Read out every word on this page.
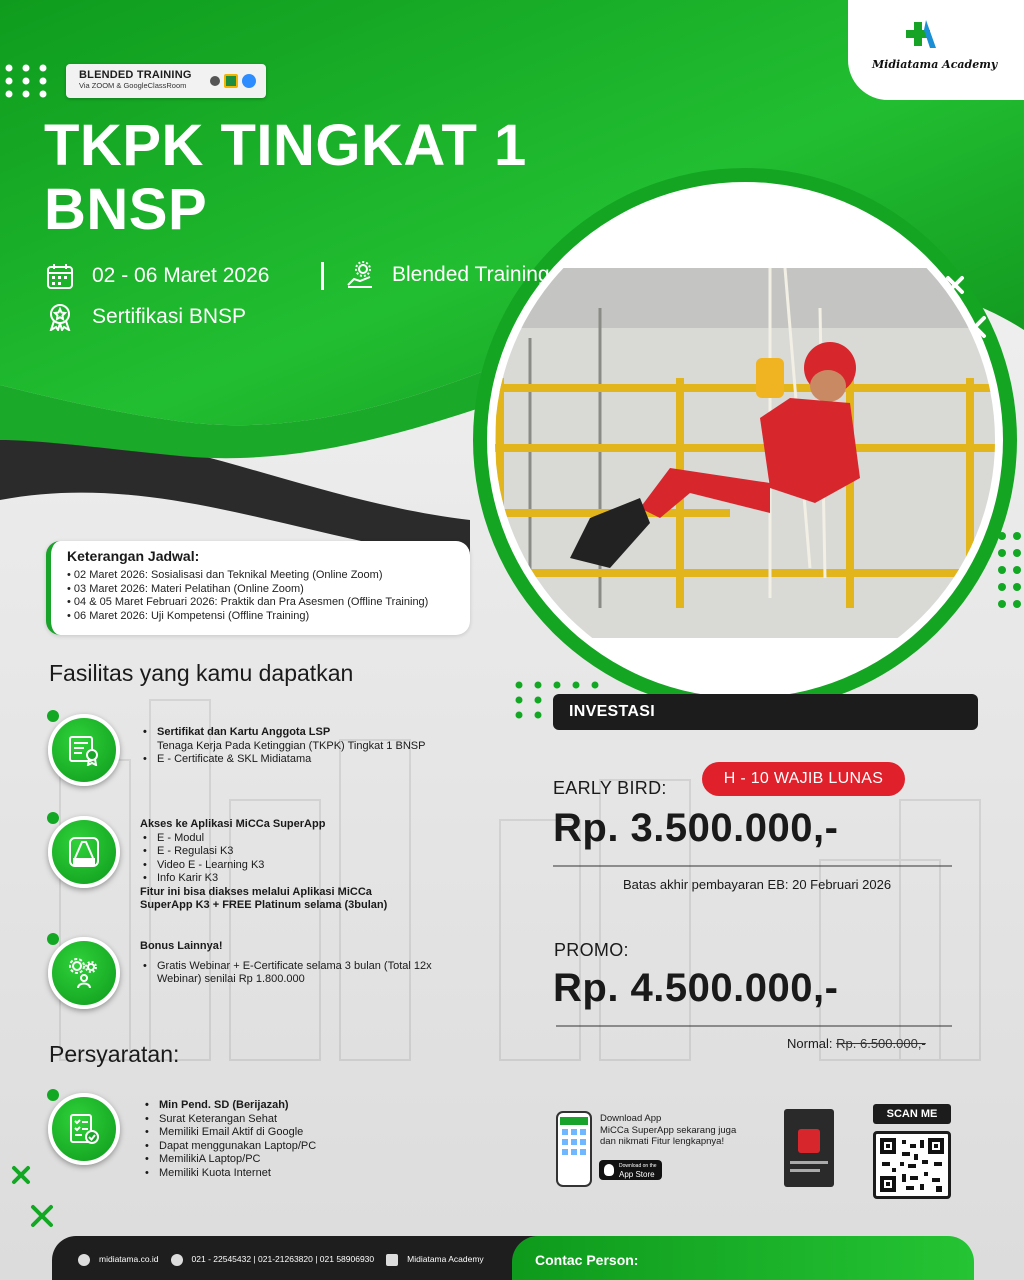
BLENDED TRAINING
Via ZOOM & GoogleClassRoom
Midiatama Academy
TKPK TINGKAT 1
BNSP
02 - 06 Maret 2026	Blended Training
Sertifikasi BNSP
Keterangan Jadwal:
• 02 Maret 2026: Sosialisasi dan Teknikal Meeting (Online Zoom)
• 03 Maret 2026: Materi Pelatihan (Online Zoom)
• 04 & 05 Maret Februari 2026: Praktik dan Pra Asesmen (Offline Training)
• 06 Maret 2026: Uji Kompetensi (Offline Training)
Fasilitas yang kamu dapatkan
• Sertifikat dan Kartu Anggota LSP
Tenaga Kerja Pada Ketinggian (TKPK) Tingkat 1 BNSP
• E - Certificate & SKL Midiatama
Akses ke Aplikasi MiCCa SuperApp
• E - Modul
• E - Regulasi K3
• Video E - Learning K3
• Info Karir K3
Fitur ini bisa diakses melalui Aplikasi MiCCa
SuperApp K3 + FREE Platinum selama (3bulan)
Bonus Lainnya!
• Gratis Webinar + E-Certificate selama 3 bulan (Total 12x
Webinar) senilai Rp 1.800.000
Persyaratan:
• Min Pend. SD (Berijazah)
• Surat Keterangan Sehat
• Memiliki Email Aktif di Google
• Dapat menggunakan Laptop/PC
• MemilikiA Laptop/PC
• Memiliki Kuota Internet
INVESTASI
EARLY BIRD:	H - 10 WAJIB LUNAS
Rp. 3.500.000,-
Batas akhir pembayaran EB: 20 Februari 2026
PROMO:
Rp. 4.500.000,-
Normal: Rp. 6.500.000,-
Download App
MiCCa SuperApp sekarang juga
dan nikmati Fitur lengkapnya!
Download on the
App Store
SCAN ME
midiatama.co.id	021 - 22545432 | 021-21263820 | 021 58906930	Midiatama Academy	Contac Person:
